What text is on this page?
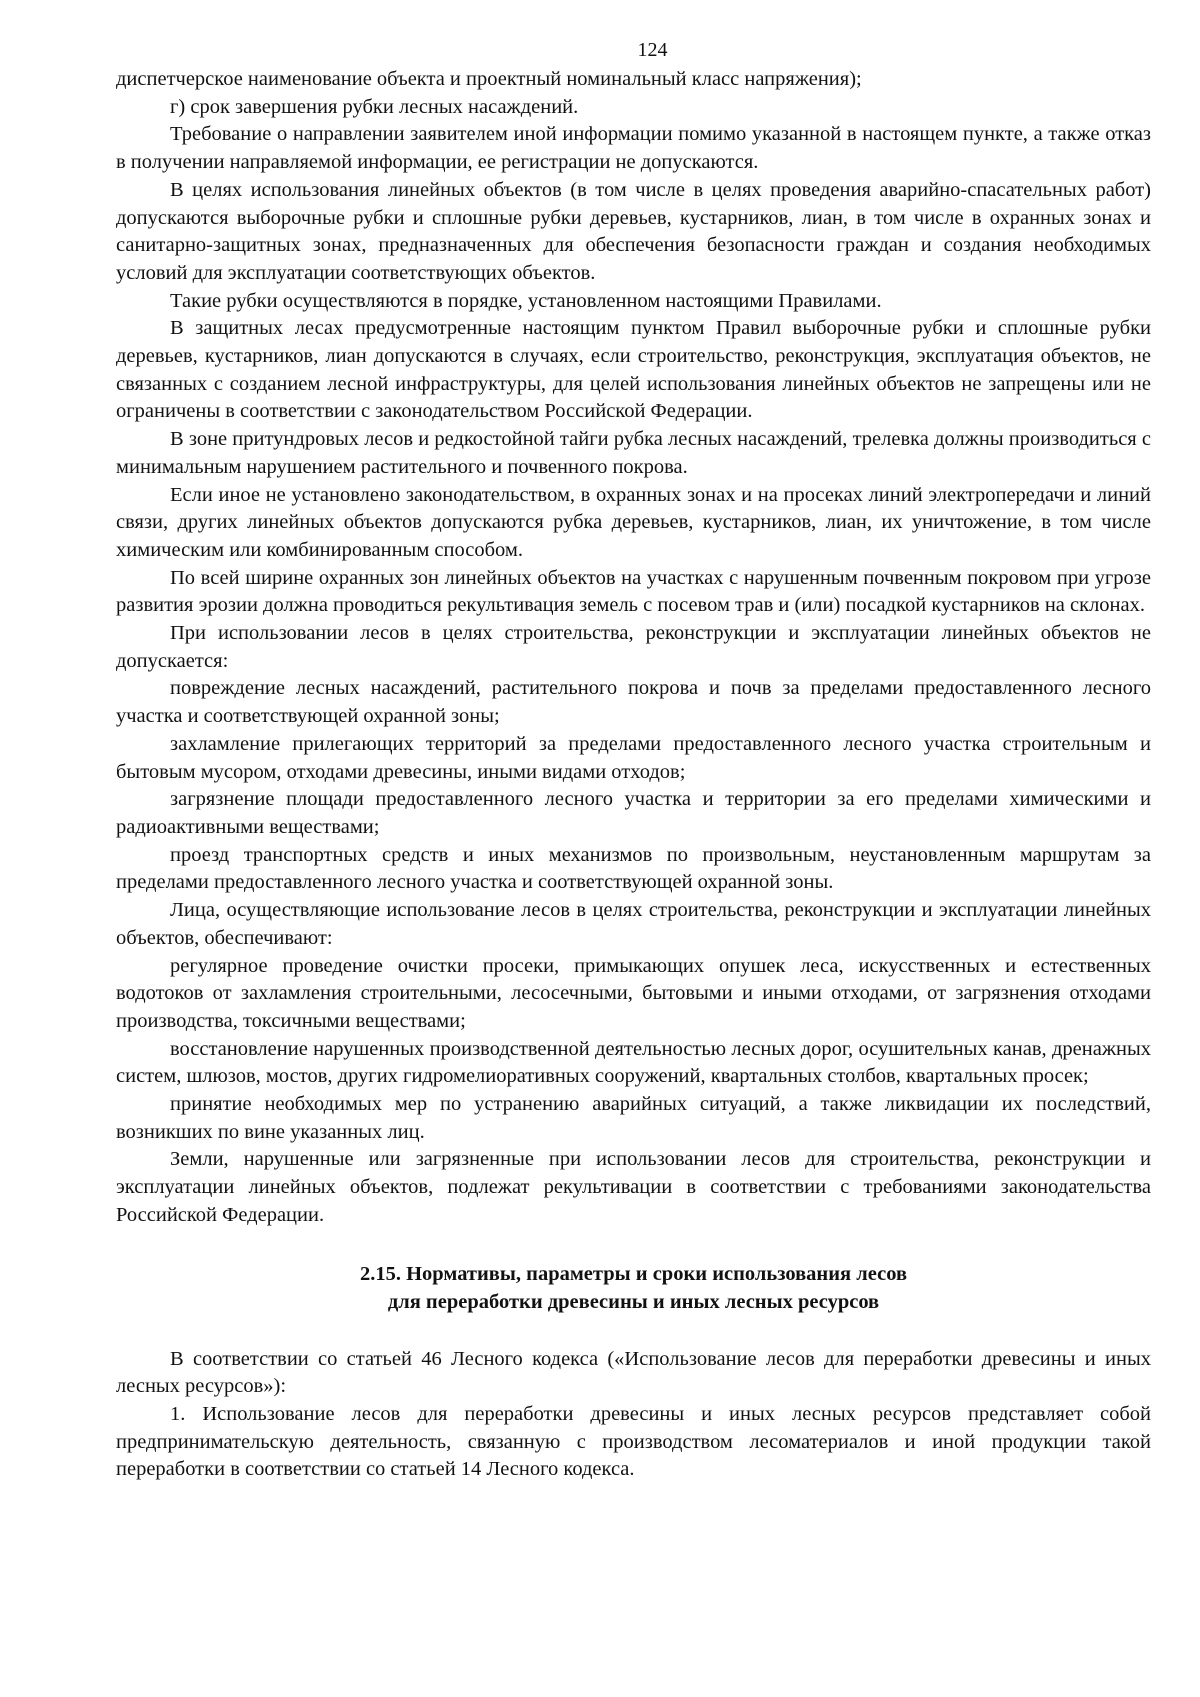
124

диспетчерское наименование объекта и проектный номинальный класс напряжения);

г) срок завершения рубки лесных насаждений.

Требование о направлении заявителем иной информации помимо указанной в настоящем пункте, а также отказ в получении направляемой информации, ее регистрации не допускаются.

В целях использования линейных объектов (в том числе в целях проведения аварийно-спасательных работ) допускаются выборочные рубки и сплошные рубки деревьев, кустарников, лиан, в том числе в охранных зонах и санитарно-защитных зонах, предназначенных для обеспечения безопасности граждан и создания необходимых условий для эксплуатации соответствующих объектов.

Такие рубки осуществляются в порядке, установленном настоящими Правилами.

В защитных лесах предусмотренные настоящим пунктом Правил выборочные рубки и сплошные рубки деревьев, кустарников, лиан допускаются в случаях, если строительство, реконструкция, эксплуатация объектов, не связанных с созданием лесной инфраструктуры, для целей использования линейных объектов не запрещены или не ограничены в соответствии с законодательством Российской Федерации.

В зоне притундровых лесов и редкостойной тайги рубка лесных насаждений, трелевка должны производиться с минимальным нарушением растительного и почвенного покрова.

Если иное не установлено законодательством, в охранных зонах и на просеках линий электропередачи и линий связи, других линейных объектов допускаются рубка деревьев, кустарников, лиан, их уничтожение, в том числе химическим или комбинированным способом.

По всей ширине охранных зон линейных объектов на участках с нарушенным почвенным покровом при угрозе развития эрозии должна проводиться рекультивация земель с посевом трав и (или) посадкой кустарников на склонах.

При использовании лесов в целях строительства, реконструкции и эксплуатации линейных объектов не допускается:

повреждение лесных насаждений, растительного покрова и почв за пределами предоставленного лесного участка и соответствующей охранной зоны;

захламление прилегающих территорий за пределами предоставленного лесного участка строительным и бытовым мусором, отходами древесины, иными видами отходов;

загрязнение площади предоставленного лесного участка и территории за его пределами химическими и радиоактивными веществами;

проезд транспортных средств и иных механизмов по произвольным, неустановленным маршрутам за пределами предоставленного лесного участка и соответствующей охранной зоны.

Лица, осуществляющие использование лесов в целях строительства, реконструкции и эксплуатации линейных объектов, обеспечивают:

регулярное проведение очистки просеки, примыкающих опушек леса, искусственных и естественных водотоков от захламления строительными, лесосечными, бытовыми и иными отходами, от загрязнения отходами производства, токсичными веществами;

восстановление нарушенных производственной деятельностью лесных дорог, осушительных канав, дренажных систем, шлюзов, мостов, других гидромелиоративных сооружений, квартальных столбов, квартальных просек;

принятие необходимых мер по устранению аварийных ситуаций, а также ликвидации их последствий, возникших по вине указанных лиц.

Земли, нарушенные или загрязненные при использовании лесов для строительства, реконструкции и эксплуатации линейных объектов, подлежат рекультивации в соответствии с требованиями законодательства Российской Федерации.

2.15. Нормативы, параметры и сроки использования лесов
для переработки древесины и иных лесных ресурсов

В соответствии со статьей 46 Лесного кодекса («Использование лесов для переработки древесины и иных лесных ресурсов»):

1. Использование лесов для переработки древесины и иных лесных ресурсов представляет собой предпринимательскую деятельность, связанную с производством лесоматериалов и иной продукции такой переработки в соответствии со статьей 14 Лесного кодекса.
